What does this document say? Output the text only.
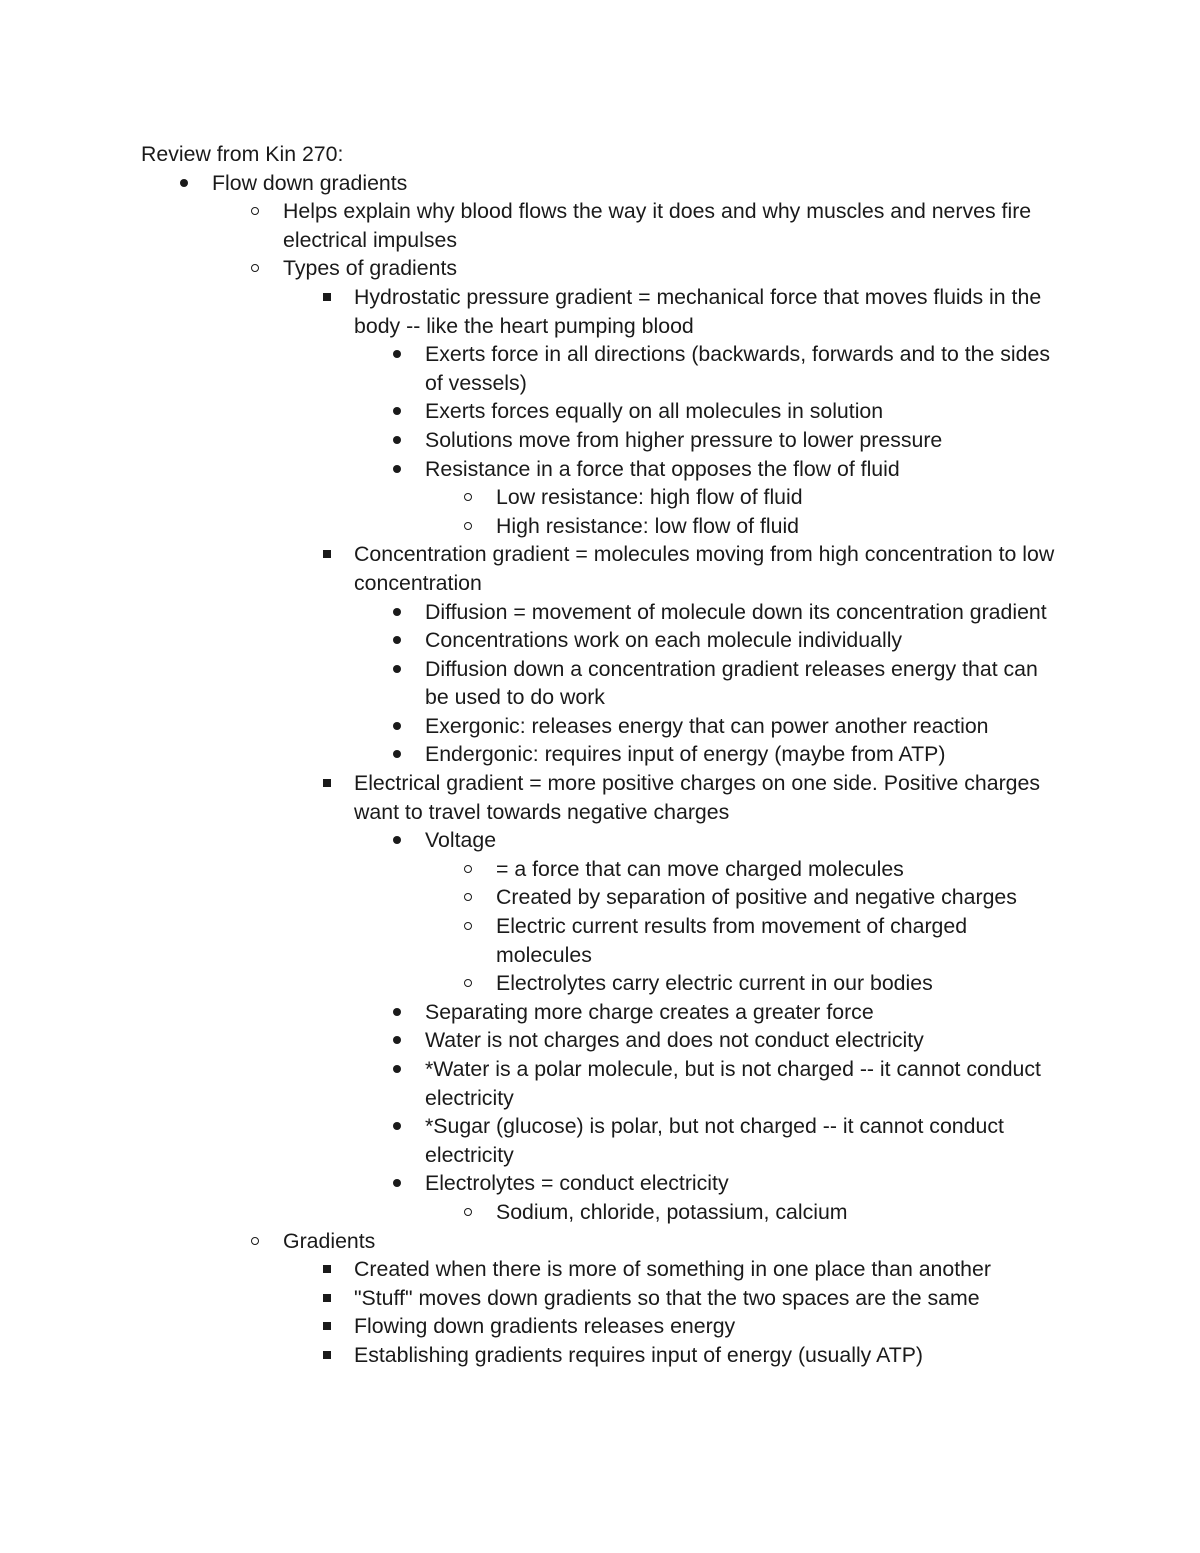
Review from Kin 270:

Flow down gradients
Helps explain why blood flows the way it does and why muscles and nerves fire electrical impulses
Types of gradients
Hydrostatic pressure gradient = mechanical force that moves fluids in the body -- like the heart pumping blood
Exerts force in all directions (backwards, forwards and to the sides of vessels)
Exerts forces equally on all molecules in solution
Solutions move from higher pressure to lower pressure
Resistance in a force that opposes the flow of fluid
Low resistance: high flow of fluid
High resistance: low flow of fluid
Concentration gradient = molecules moving from high concentration to low concentration
Diffusion = movement of molecule down its concentration gradient
Concentrations work on each molecule individually
Diffusion down a concentration gradient releases energy that can be used to do work
Exergonic: releases energy that can power another reaction
Endergonic: requires input of energy (maybe from ATP)
Electrical gradient = more positive charges on one side. Positive charges want to travel towards negative charges
Voltage
= a force that can move charged molecules
Created by separation of positive and negative charges
Electric current results from movement of charged molecules
Electrolytes carry electric current in our bodies
Separating more charge creates a greater force
Water is not charges and does not conduct electricity
*Water is a polar molecule, but is not charged -- it cannot conduct electricity
*Sugar (glucose) is polar, but not charged -- it cannot conduct electricity
Electrolytes = conduct electricity
Sodium, chloride, potassium, calcium
Gradients
Created when there is more of something in one place than another
"Stuff" moves down gradients so that the two spaces are the same
Flowing down gradients releases energy
Establishing gradients requires input of energy (usually ATP)
